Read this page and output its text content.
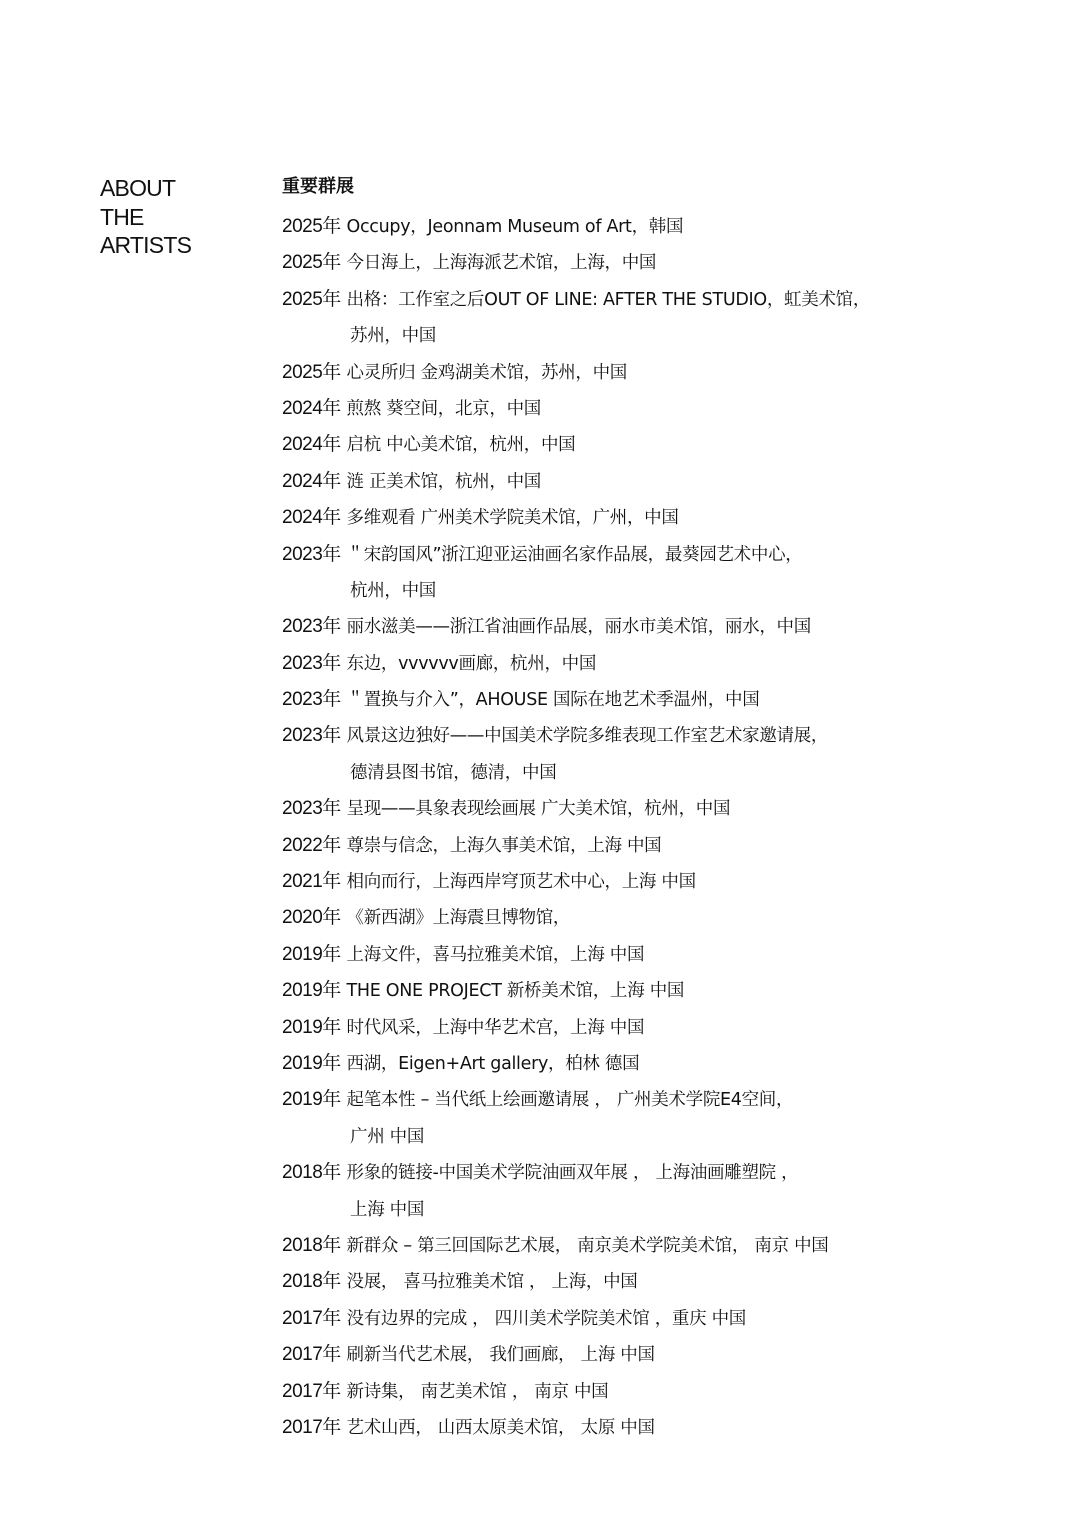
ABOUT
THE
ARTISTS
重要群展
2025年 Occupy，Jeonnam Museum of Art，韩国
2025年 今日海上，上海海派艺术馆，上海，中国
2025年 出格：工作室之后OUT OF LINE: AFTER THE STUDIO，虹美术馆，
苏州，中国
2025年 心灵所归 金鸡湖美术馆，苏州，中国
2024年 煎熬 葵空间，北京，中国
2024年 启杭 中心美术馆，杭州，中国
2024年 涟 正美术馆，杭州，中国
2024年 多维观看 广州美术学院美术馆，广州，中国
2023年 ＂宋韵国风”浙江迎亚运油画名家作品展，最葵园艺术中心，
杭州，中国
2023年 丽水滋美——浙江省油画作品展，丽水市美术馆，丽水，中国
2023年 东边，vvvvvv画廊，杭州，中国
2023年 ＂置换与介入”，AHOUSE 国际在地艺术季温州，中国
2023年 风景这边独好——中国美术学院多维表现工作室艺术家邀请展，
德清县图书馆，德清，中国
2023年 呈现——具象表现绘画展 广大美术馆，杭州，中国
2022年 尊崇与信念，上海久事美术馆，上海 中国
2021年 相向而行，上海西岸穹顶艺术中心，上海 中国
2020年 《新西湖》上海震旦博物馆，
2019年 上海文件，喜马拉雅美术馆，上海 中国
2019年 THE ONE PROJECT 新桥美术馆，上海 中国
2019年 时代风采，上海中华艺术宫，上海 中国
2019年 西湖，Eigen+Art gallery，柏林 德国
2019年 起笔本性 – 当代纸上绘画邀请展 ， 广州美术学院E4空间，
广州 中国
2018年 形象的链接-中国美术学院油画双年展 ， 上海油画雕塑院 ，
上海 中国
2018年 新群众 – 第三回国际艺术展， 南京美术学院美术馆， 南京 中国
2018年 没展， 喜马拉雅美术馆 ， 上海，中国
2017年 没有边界的完成 ， 四川美术学院美术馆 ，重庆 中国
2017年 刷新当代艺术展， 我们画廊， 上海 中国
2017年 新诗集， 南艺美术馆 ， 南京 中国
2017年 艺术山西， 山西太原美术馆， 太原 中国
